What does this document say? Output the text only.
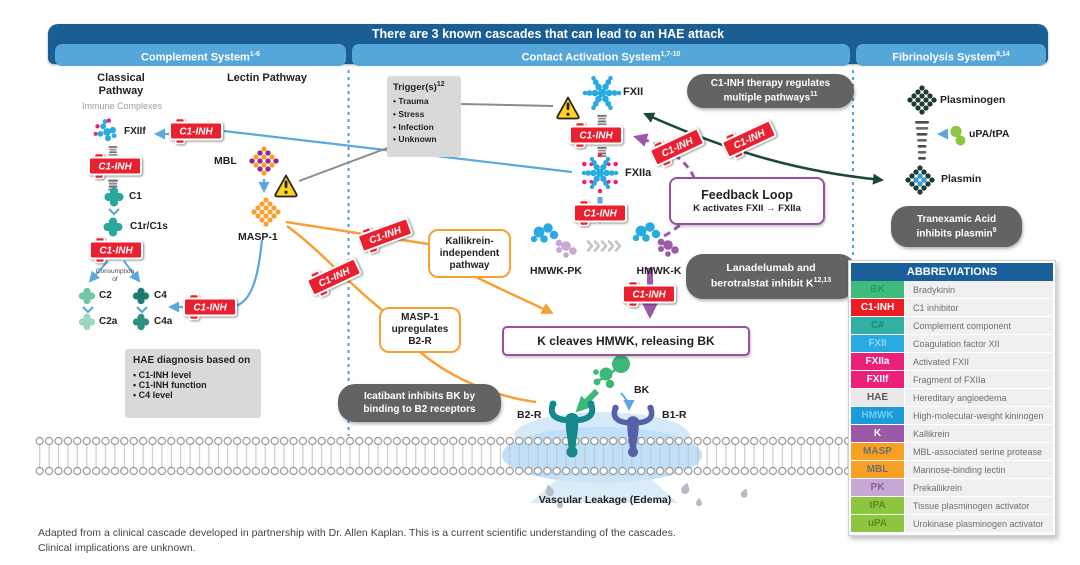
C1-INH
C1-INH
C1-INH
C1-INH
C1-INH
C1-INH
C1-INH
C1-INH
C1-INH
C1-INH	C1-INH
There are 3 known cascades that can lead to an HAE attack
Complement System$^{1-6}$	Contact Activation System$^{1,7-10}$	Fibrinolysis System$^{8,14}$
Classical Pathway
Lectin Pathway
Immune Complexes
FXIIf
C1
C1r/C1s
Consumption
of
C2	C4
C2a	C4a
MBL
MASP-1
HAE diagnosis based on
• C1-INH level
• C1-INH function
• C4 level
$Trigger(s)^{12}$
• Trauma
• Stress
• Infection
• Unknown
FXII
FXIIa
HMWK-PK	HMWK-K
BK
B2-R	B1-R
Vascular Leakage (Edema)
Kallikrein-independent pathway
MASP-1 upregulates B2-R	K cleaves HMWK, releasing BK
Feedback Loop
K activates FXII → FXIIa
C1-INH therapy regulates multiple pathways$^{11}$
Lanadelumab and berotralstat inhibit K$^{12,13}$
Icatibant inhibits BK by binding to B2 receptors
Plasminogen
uPA/tPA
Plasmin
Tranexamic Acid inhibits plasmin$^9$
ABBREVIATIONS
BK	Bradykinin
C1-INH	C1 inhibitor
C#	Complement component
FXII	Coagulation factor XII
FXIIa	Activated FXII
FXIIf	Fragment of FXIIa
HAE	Hereditary angioedema
HMWK	High-molecular-weight kininogen
K	Kallikrein
MASP	MBL-associated serine protease
MBL	Mannose-binding lectin
PK	Prekallikrein
tPA	Tissue plasminogen activator
uPA	Urokinase plasminogen activator
Adapted from a clinical cascade developed in partnership with Dr. Allen Kaplan. This is a current scientific understanding of the cascades.
Clinical implications are unknown.
